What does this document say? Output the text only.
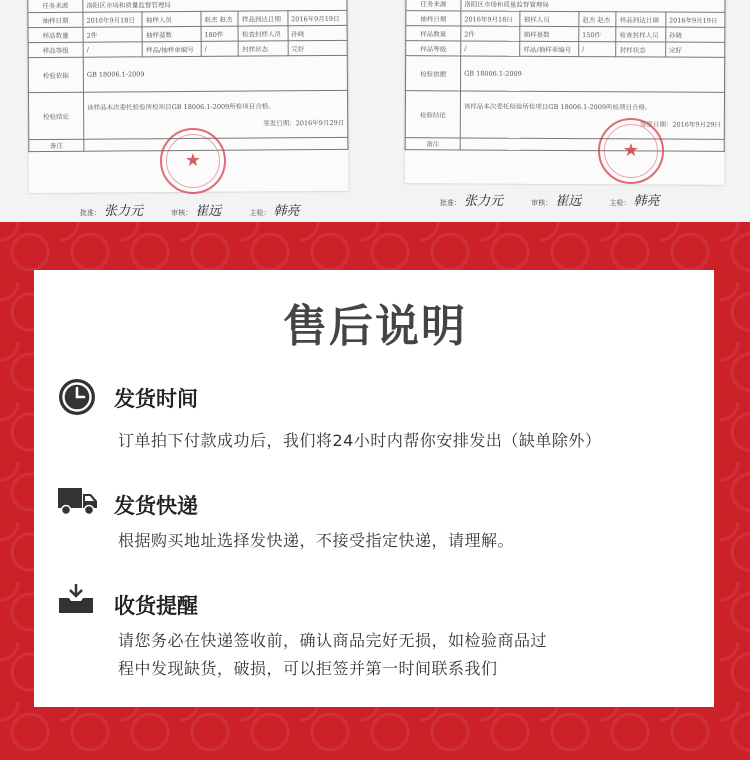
任务来源	洛阳区市场和质量监督管理局				
抽样日期	2016年9月18日	抽样人员	赵杰 赵杰	样品到达日期	2016年9月19日
样品数量	2件	抽样基数	180件	检查封样人员	孙晓
样品等级	/	样品/抽样单编号	/	封样状态	完好
检验依据	GB 18006.1-2009				
检验结论	该样品本次委托检验所检项目GB 18006.1-2009所检项目合格。
签发日期：2016年9月29日				

备注					
★
批准： 张力元	审核： 崔远	主检： 韩亮
任务来源	洛阳区市场和质量监督管理局				
抽样日期	2016年9月18日	抽样人员	赵杰 赵杰	样品到达日期	2016年9月19日
样品数量	2件	抽样基数	150件	检查封样人员	孙晓
样品等级	/	样品/抽样单编号	/	封样状态	完好
检验依据	GB 18006.1-2009				
检验结论	该样品本次委托检验所检项目GB 18006.1-2009所检项目合格。
签发日期：2016年9月29日				

备注						★
批准： 张力元	审核： 崔远	主检： 韩亮
售后说明
发货时间
订单拍下付款成功后，我们将24小时内帮你安排发出（缺单除外）
发货快递
根据购买地址选择发快递，不接受指定快递，请理解。
收货提醒
请您务必在快递签收前，确认商品完好无损，如检验商品过
程中发现缺货，破损，可以拒签并第一时间联系我们
